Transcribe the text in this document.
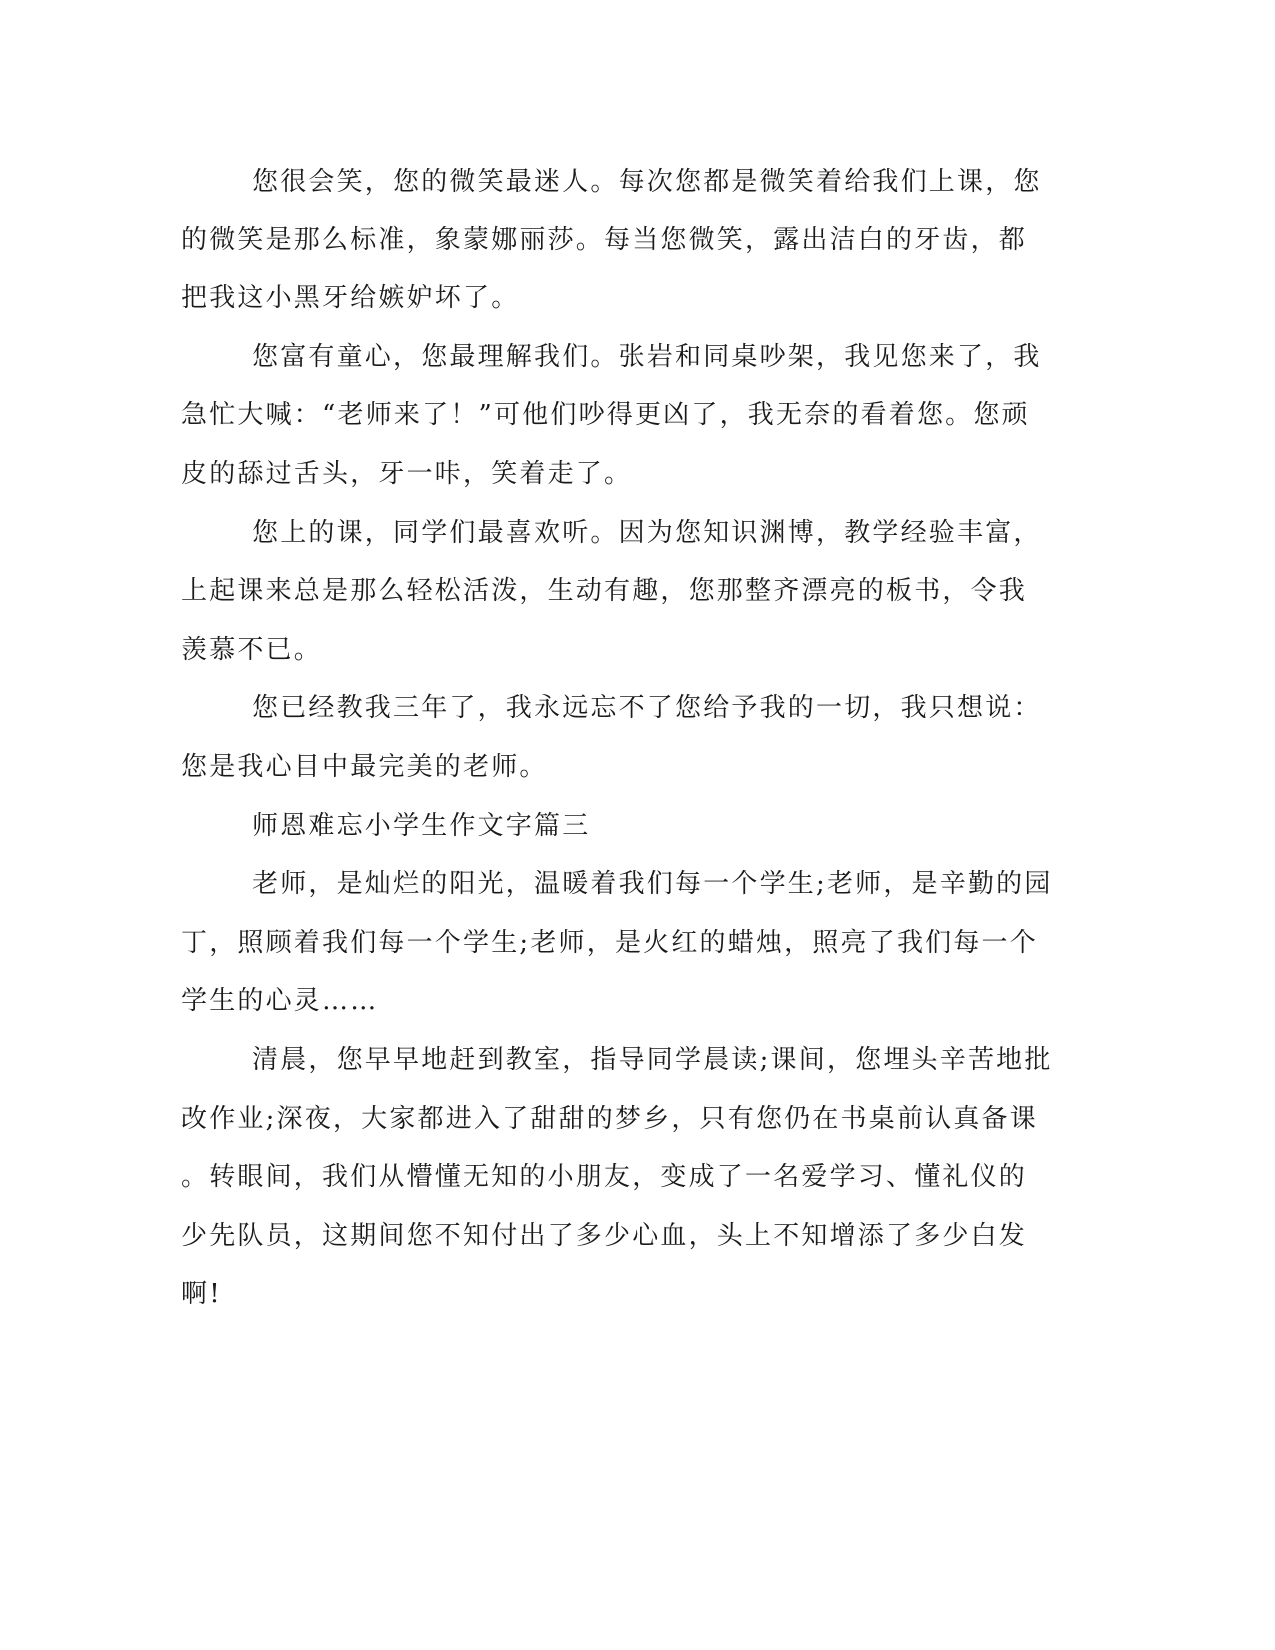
您很会笑，您的微笑最迷人。每次您都是微笑着给我们上课，您
的微笑是那么标准，象蒙娜丽莎。每当您微笑，露出洁白的牙齿，都
把我这小黑牙给嫉妒坏了。
您富有童心，您最理解我们。张岩和同桌吵架，我见您来了，我
急忙大喊：“老师来了！”可他们吵得更凶了，我无奈的看着您。您顽
皮的舔过舌头，牙一咔，笑着走了。
您上的课，同学们最喜欢听。因为您知识渊博，教学经验丰富，
上起课来总是那么轻松活泼，生动有趣，您那整齐漂亮的板书，令我
羡慕不已。
您已经教我三年了，我永远忘不了您给予我的一切，我只想说：
您是我心目中最完美的老师。
师恩难忘小学生作文字篇三
老师，是灿烂的阳光，温暖着我们每一个学生;老师，是辛勤的园
丁，照顾着我们每一个学生;老师，是火红的蜡烛，照亮了我们每一个
学生的心灵……
清晨，您早早地赶到教室，指导同学晨读;课间，您埋头辛苦地批
改作业;深夜，大家都进入了甜甜的梦乡，只有您仍在书桌前认真备课
。转眼间，我们从懵懂无知的小朋友，变成了一名爱学习、懂礼仪的
少先队员，这期间您不知付出了多少心血，头上不知增添了多少白发
啊!
